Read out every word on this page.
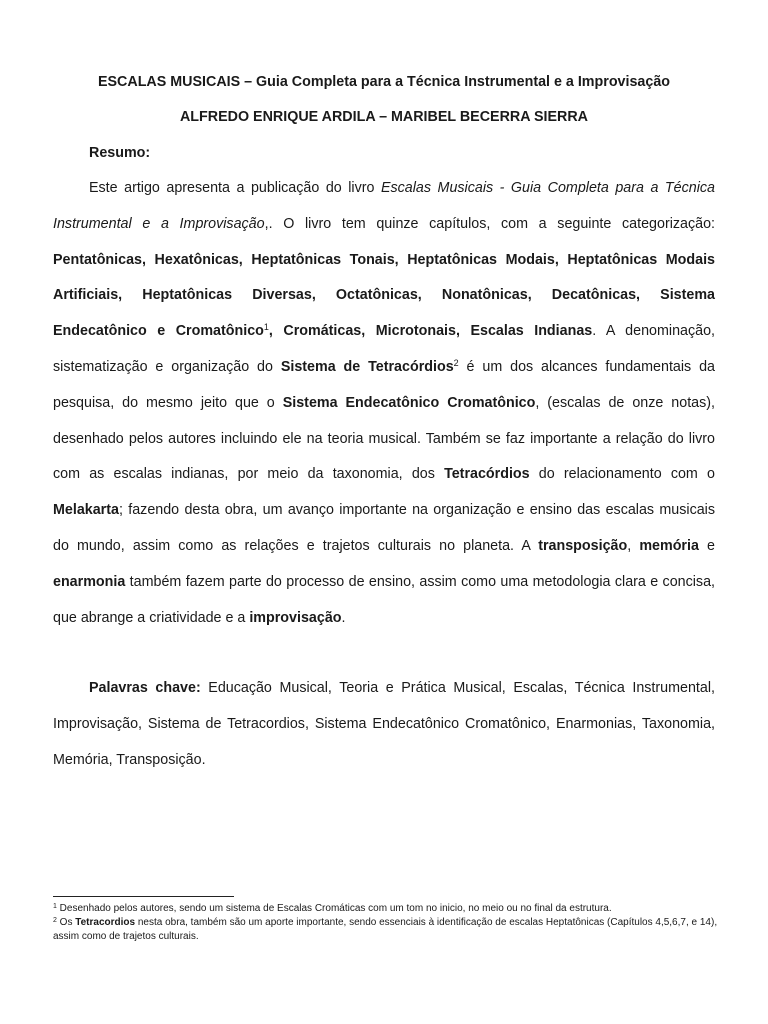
ESCALAS MUSICAIS – Guia Completa para a Técnica Instrumental e a Improvisação
ALFREDO ENRIQUE ARDILA – MARIBEL BECERRA SIERRA
Resumo:

Este artigo apresenta a publicação do livro Escalas Musicais - Guia Completa para a Técnica Instrumental e a Improvisação,. O livro tem quinze capítulos, com a seguinte categorização: Pentatônicas, Hexatônicas, Heptatônicas Tonais, Heptatônicas Modais, Heptatônicas Modais Artificiais, Heptatônicas Diversas, Octatônicas, Nonatônicas, Decatônicas, Sistema Endecatônico e Cromatônico$^1$, Cromáticas, Microtonais, Escalas Indianas. A denominação, sistematização e organização do Sistema de Tetracórdios$^2$ é um dos alcances fundamentais da pesquisa, do mesmo jeito que o Sistema Endecatônico Cromatônico, (escalas de onze notas), desenhado pelos autores incluindo ele na teoria musical. Também se faz importante a relação do livro com as escalas indianas, por meio da taxonomia, dos Tetracórdios do relacionamento com o Melakarta; fazendo desta obra, um avanço importante na organização e ensino das escalas musicais do mundo, assim como as relações e trajetos culturais no planeta. A transposição, memória e enarmonia também fazem parte do processo de ensino, assim como uma metodologia clara e concisa, que abrange a criatividade e a improvisação.

Palavras chave: Educação Musical, Teoria e Prática Musical, Escalas, Técnica Instrumental, Improvisação, Sistema de Tetracordios, Sistema Endecatônico Cromatônico, Enarmonias, Taxonomia, Memória, Transposição.

$^1$ Desenhado pelos autores, sendo um sistema de Escalas Cromáticas com um tom no inicio, no meio ou no final da estrutura.

$^2$ Os Tetracordios nesta obra, também são um aporte importante, sendo essenciais à identificação de escalas Heptatônicas (Capítulos 4,5,6,7, e 14), assim como de trajetos culturais.
